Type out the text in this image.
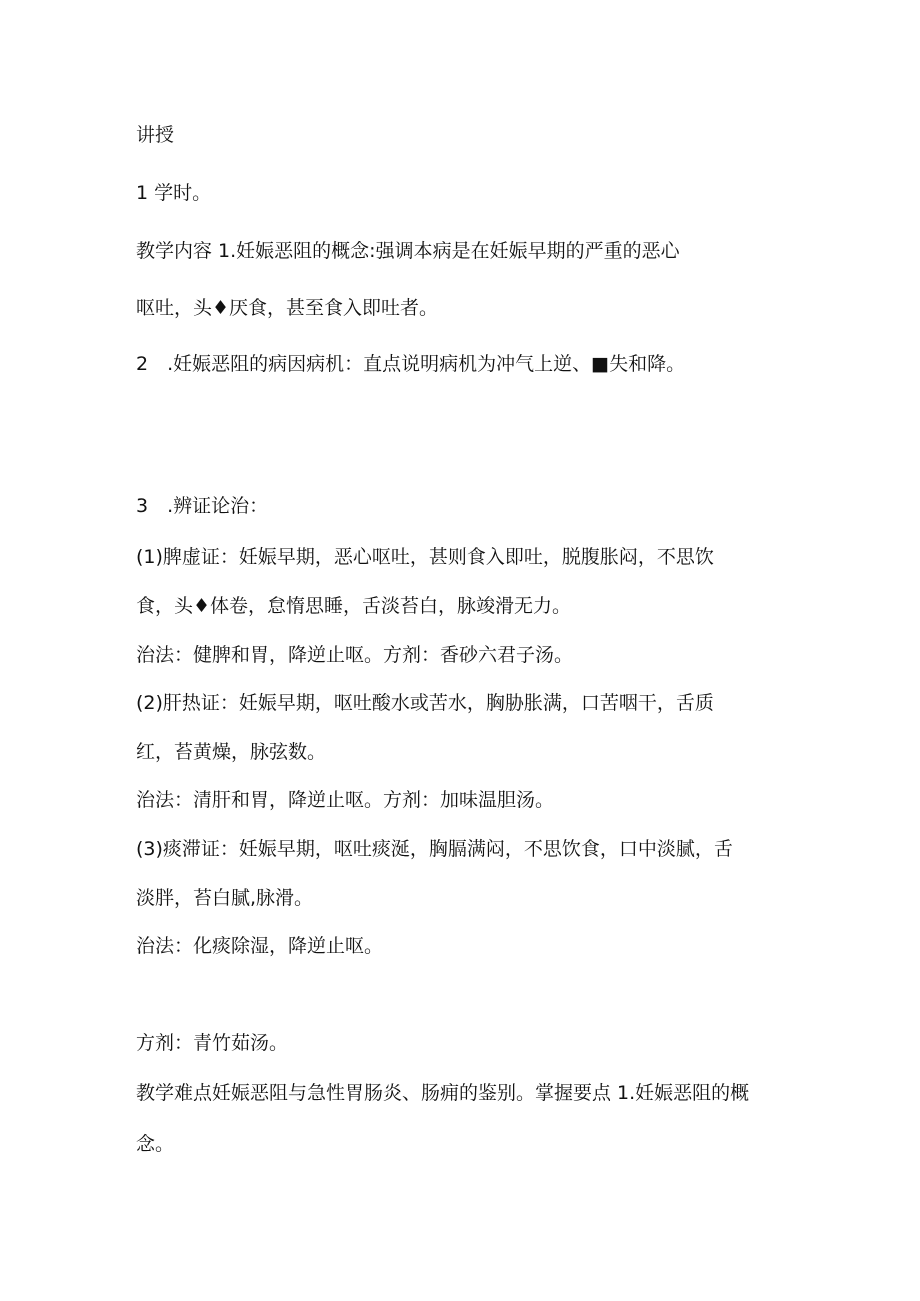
讲授
1 学时。
教学内容 1.妊娠恶阻的概念:强调本病是在妊娠早期的严重的恶心
呕吐，头♦厌食，甚至食入即吐者。
2　.妊娠恶阻的病因病机：直点说明病机为冲气上逆、■失和降。
3　.辨证论治：
(1)脾虚证：妊娠早期，恶心呕吐，甚则食入即吐，脱腹胀闷，不思饮
食，头♦体卷，怠惰思睡，舌淡苔白，脉竣滑无力。
治法：健脾和胃，降逆止呕。方剂：香砂六君子汤。
(2)肝热证：妊娠早期，呕吐酸水或苦水，胸胁胀满，口苦咽干，舌质
红，苔黄燥，脉弦数。
治法：清肝和胃，降逆止呕。方剂：加味温胆汤。
(3)痰滞证：妊娠早期，呕吐痰涎，胸膈满闷，不思饮食，口中淡腻，舌
淡胖，苔白腻,脉滑。
治法：化痰除湿，降逆止呕。
方剂：青竹茹汤。
教学难点妊娠恶阻与急性胃肠炎、肠痈的鉴别。掌握要点 1.妊娠恶阻的概
念。
